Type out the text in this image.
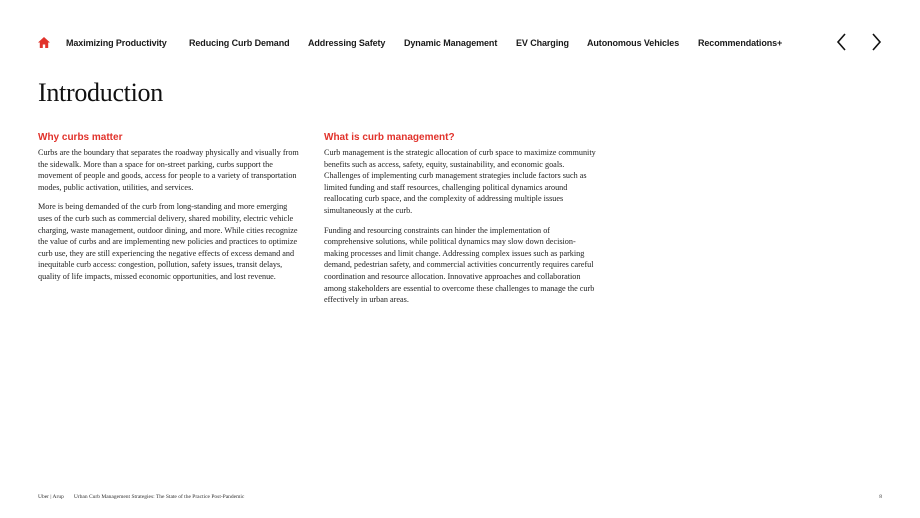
Maximizing Productivity Reducing Curb Demand Addressing Safety Dynamic Management EV Charging Autonomous Vehicles Recommendations+
Introduction
Why curbs matter

Curbs are the boundary that separates the roadway physically and visually from the sidewalk. More than a space for on-street parking, curbs support the movement of people and goods, access for people to a variety of transportation modes, public activation, utilities, and services.

More is being demanded of the curb from long-standing and more emerging uses of the curb such as commercial delivery, shared mobility, electric vehicle charging, waste management, outdoor dining, and more. While cities recognize the value of curbs and are implementing new policies and practices to optimize curb use, they are still experiencing the negative effects of excess demand and inequitable curb access: congestion, pollution, safety issues, transit delays, quality of life impacts, missed economic opportunities, and lost revenue.

What is curb management?

Curb management is the strategic allocation of curb space to maximize community benefits such as access, safety, equity, sustainability, and economic goals. Challenges of implementing curb management strategies include factors such as limited funding and staff resources, challenging political dynamics around reallocating curb space, and the complexity of addressing multiple issues simultaneously at the curb.

Funding and resourcing constraints can hinder the implementation of comprehensive solutions, while political dynamics may slow down decision-making processes and limit change. Addressing complex issues such as parking demand, pedestrian safety, and commercial activities concurrently requires careful coordination and resource allocation. Innovative approaches and collaboration among stakeholders are essential to overcome these challenges to manage the curb effectively in urban areas.

Uber | Arup Urban Curb Management Strategies: The State of the Practice Post-Pandemic	8
